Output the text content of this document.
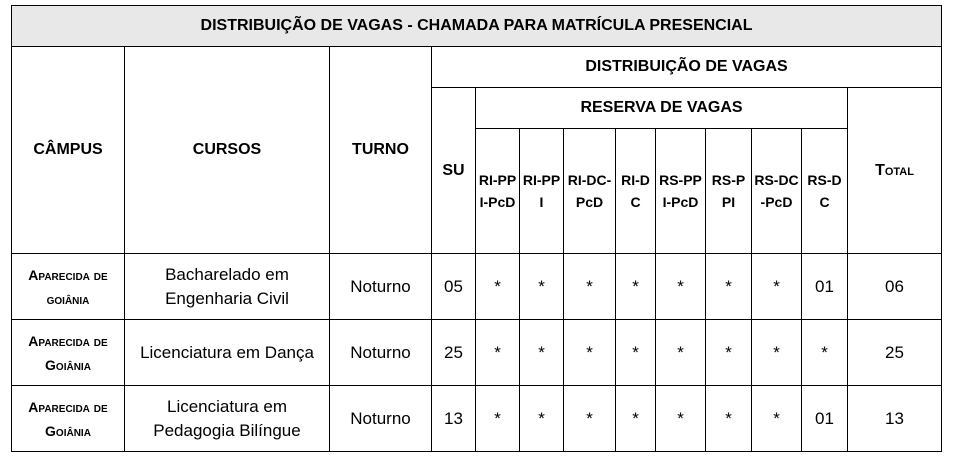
DISTRIBUIÇÃO DE VAGAS - CHAMADA PARA MATRÍCULA PRESENCIAL												
CÂMPUS	CURSOS	TURNO	DISTRIBUIÇÃO DE VAGAS									
			SU	RESERVA DE VAGAS								Total
				RI-PPI-PcD	RI-PPI	RI-DC-PcD	RI-DC	RS-PPI-PcD	RS-PPI	RS-DC-PcD	RS-DC	
Aparecida de goiânia	Bacharelado em Engenharia Civil	Noturno	05	*	*	*	*	*	*	*	01	06
Aparecida de Goiânia	Licenciatura em Dança	Noturno	25	*	*	*	*	*	*	*	*	25
Aparecida de Goiânia	Licenciatura em Pedagogia Bilíngue	Noturno	13	*	*	*	*	*	*	*	01	13
